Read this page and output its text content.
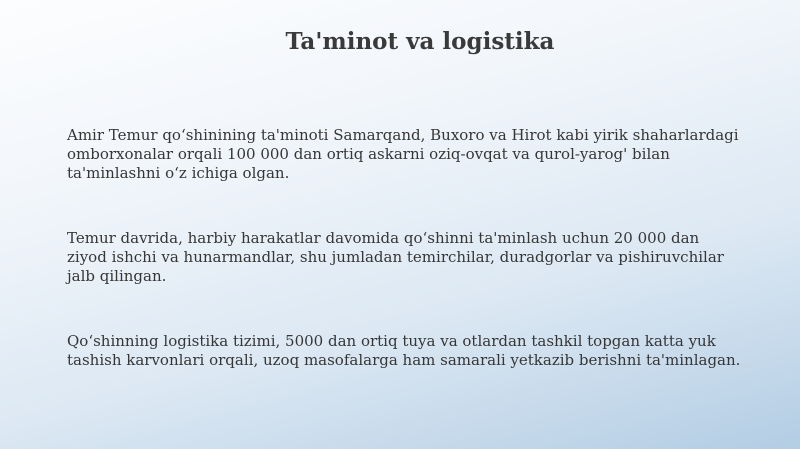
Ta'minot va logistika

Amir Temur qo‘shinining ta'minoti Samarqand, Buxoro va Hirot kabi yirik shaharlardagi omborxonalar orqali 100 000 dan ortiq askarni oziq-ovqat va qurol-yarog' bilan ta'minlashni o‘z ichiga olgan.

Temur davrida, harbiy harakatlar davomida qo‘shinni ta'minlash uchun 20 000 dan ziyod ishchi va hunarmandlar, shu jumladan temirchilar, duradgorlar va pishiruvchilar jalb qilingan.

Qo‘shinning logistika tizimi, 5000 dan ortiq tuya va otlardan tashkil topgan katta yuk tashish karvonlari orqali, uzoq masofalarga ham samarali yetkazib berishni ta'minlagan.
